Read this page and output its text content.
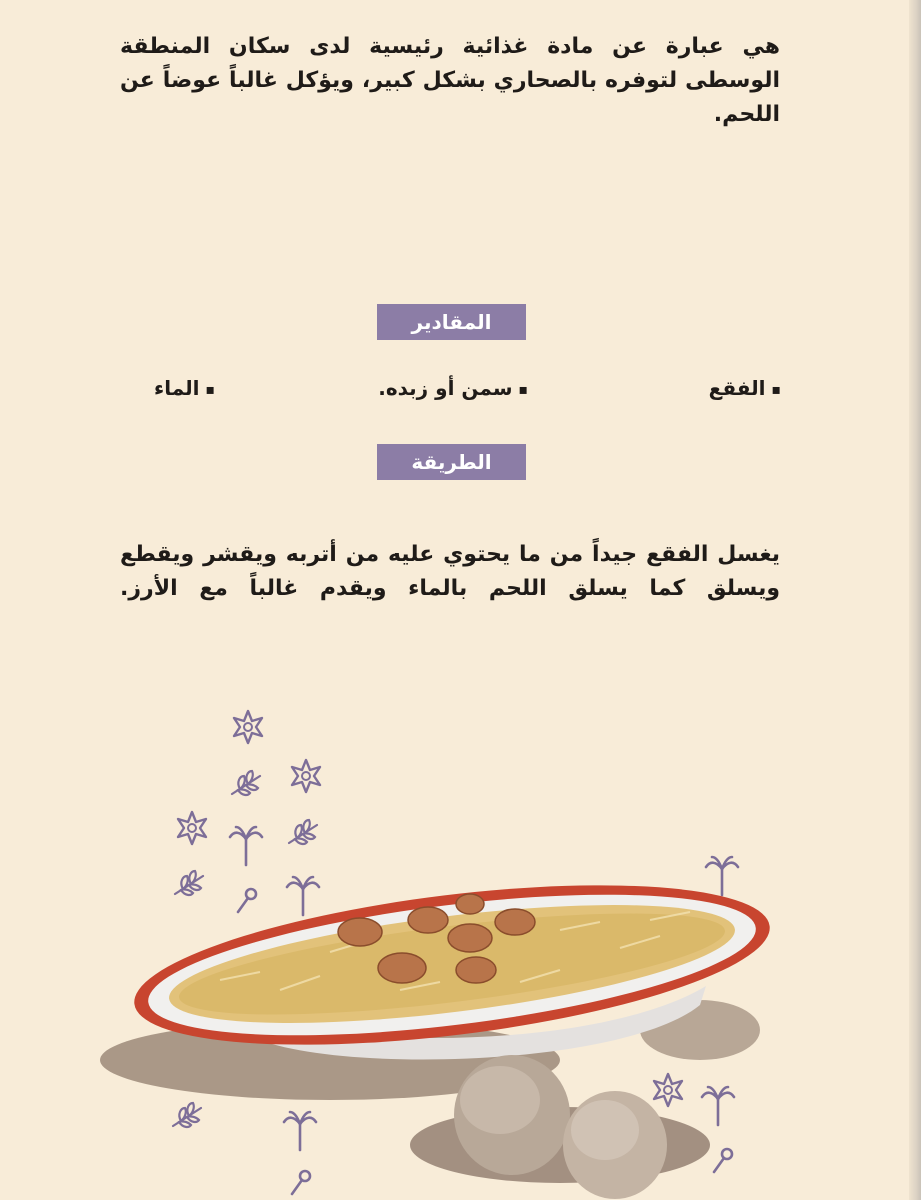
هي عبارة عن مادة غذائية رئيسية لدى سكان المنطقة الوسطى لتوفره بالصحاري بشكل كبير، ويؤكل غالباً عوضاً عن اللحم.
المقادير
▪الفقع
▪سمن أو زبده.
▪الماء
الطريقة
يغسل الفقع جيداً من ما يحتوي عليه من أتربه ويقشر ويقطع ويسلق كما يسلق اللحم بالماء ويقدم غالباً مع الأرز.
